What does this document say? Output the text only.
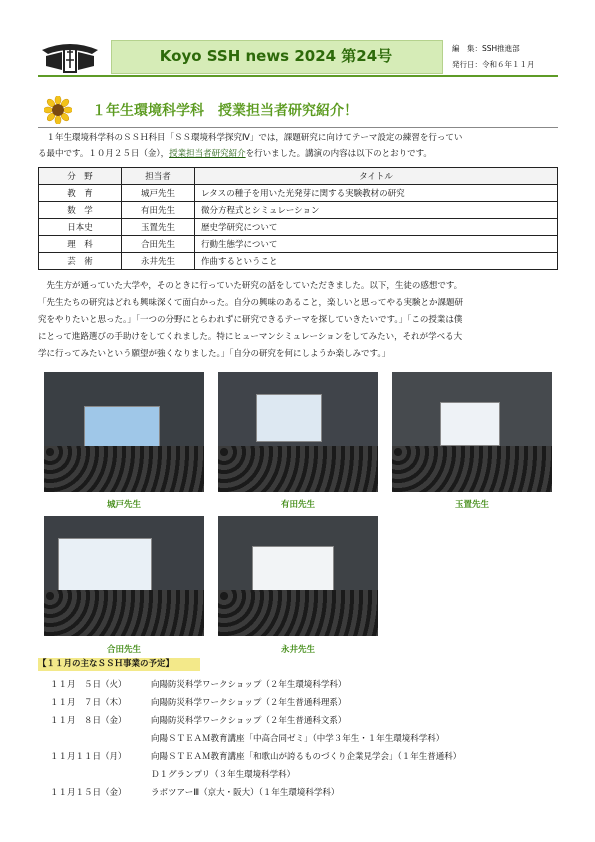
Koyo SSH news 2024 第24号	編　集：SSH推進部
発行日：令和６年１１月
１年生環境科学科　授業担当者研究紹介！
　１年生環境科学科のＳＳＨ科目「ＳＳ環境科学探究Ⅳ」では，課題研究に向けてテーマ設定の練習を行ってい
る最中です。１０月２５日（金），授業担当者研究紹介を行いました。講演の内容は以下のとおりです。
分　野	担当者	タイトル
教　育	城戸先生	レタスの種子を用いた光発芽に関する実験教材の研究
数　学	有田先生	微分方程式とシミュレーション
日本史	玉置先生	歴史学研究について
理　科	合田先生	行動生態学について
芸　術	永井先生	作曲するということ
　先生方が通っていた大学や，そのときに行っていた研究の話をしていただきました。以下，生徒の感想です。
「先生たちの研究はどれも興味深くて面白かった。自分の興味のあること，楽しいと思ってやる実験とか課題研
究をやりたいと思った。」「一つの分野にとらわれずに研究できるテーマを探していきたいです。」「この授業は僕
にとって進路選びの手助けをしてくれました。特にヒューマンシミュレーションをしてみたい，それが学べる大
学に行ってみたいという願望が強くなりました。」「自分の研究を何にしようか楽しみです。」
城戸先生	有田先生	玉置先生
合田先生	永井先生
【１１月の主なＳＳＨ事業の予定】
１１月　５日（火）	向陽防災科学ワークショップ（２年生環境科学科）
１１月　７日（木）	向陽防災科学ワークショップ（２年生普通科理系）
１１月　８日（金）	向陽防災科学ワークショップ（２年生普通科文系）
向陽ＳＴＥＡＭ教育講座「中高合同ゼミ」（中学３年生・１年生環境科学科）
１１月１１日（月）	向陽ＳＴＥＡＭ教育講座「和歌山が誇るものづくり企業見学会」（１年生普通科）
Ｄ１グランプリ（３年生環境科学科）
１１月１５日（金）	ラボツアーⅢ（京大・阪大）（１年生環境科学科）
